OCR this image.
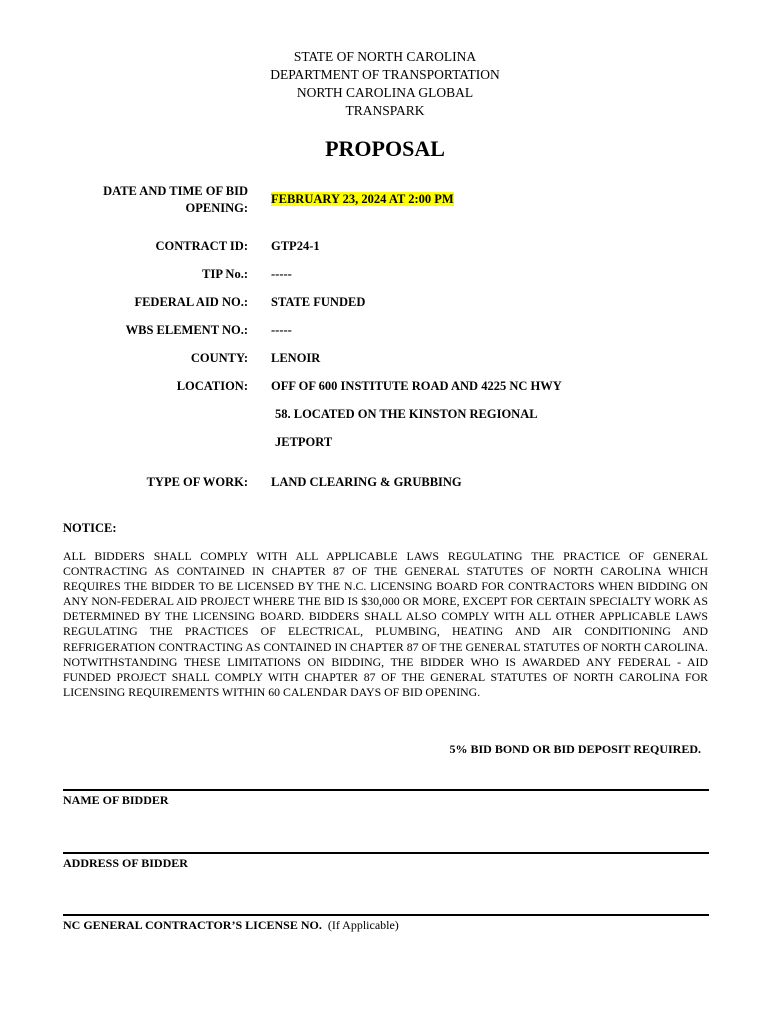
STATE OF NORTH CAROLINA
DEPARTMENT OF TRANSPORTATION
NORTH CAROLINA GLOBAL
TRANSPARK
PROPOSAL
DATE AND TIME OF BID
OPENING:
FEBRUARY 23, 2024 AT 2:00 PM
CONTRACT ID: GTP24-1
TIP No.: -----
FEDERAL AID NO.: STATE FUNDED
WBS ELEMENT NO.: -----
COUNTY: LENOIR
LOCATION: OFF OF 600 INSTITUTE ROAD AND 4225 NC HWY
58. LOCATED ON THE KINSTON REGIONAL
JETPORT
TYPE OF WORK: LAND CLEARING & GRUBBING
NOTICE:
ALL BIDDERS SHALL COMPLY WITH ALL APPLICABLE LAWS REGULATING THE PRACTICE OF GENERAL CONTRACTING AS CONTAINED IN CHAPTER 87 OF THE GENERAL STATUTES OF NORTH CAROLINA WHICH REQUIRES THE BIDDER TO BE LICENSED BY THE N.C. LICENSING BOARD FOR CONTRACTORS WHEN BIDDING ON ANY NON-FEDERAL AID PROJECT WHERE THE BID IS $30,000 OR MORE, EXCEPT FOR CERTAIN SPECIALTY WORK AS DETERMINED BY THE LICENSING BOARD. BIDDERS SHALL ALSO COMPLY WITH ALL OTHER APPLICABLE LAWS REGULATING THE PRACTICES OF ELECTRICAL, PLUMBING, HEATING AND AIR CONDITIONING AND REFRIGERATION CONTRACTING AS CONTAINED IN CHAPTER 87 OF THE GENERAL STATUTES OF NORTH CAROLINA. NOTWITHSTANDING THESE LIMITATIONS ON BIDDING, THE BIDDER WHO IS AWARDED ANY FEDERAL - AID FUNDED PROJECT SHALL COMPLY WITH CHAPTER 87 OF THE GENERAL STATUTES OF NORTH CAROLINA FOR LICENSING REQUIREMENTS WITHIN 60 CALENDAR DAYS OF BID OPENING.
5% BID BOND OR BID DEPOSIT REQUIRED.
NAME OF BIDDER
ADDRESS OF BIDDER
NC GENERAL CONTRACTOR’S LICENSE NO. (If Applicable)
